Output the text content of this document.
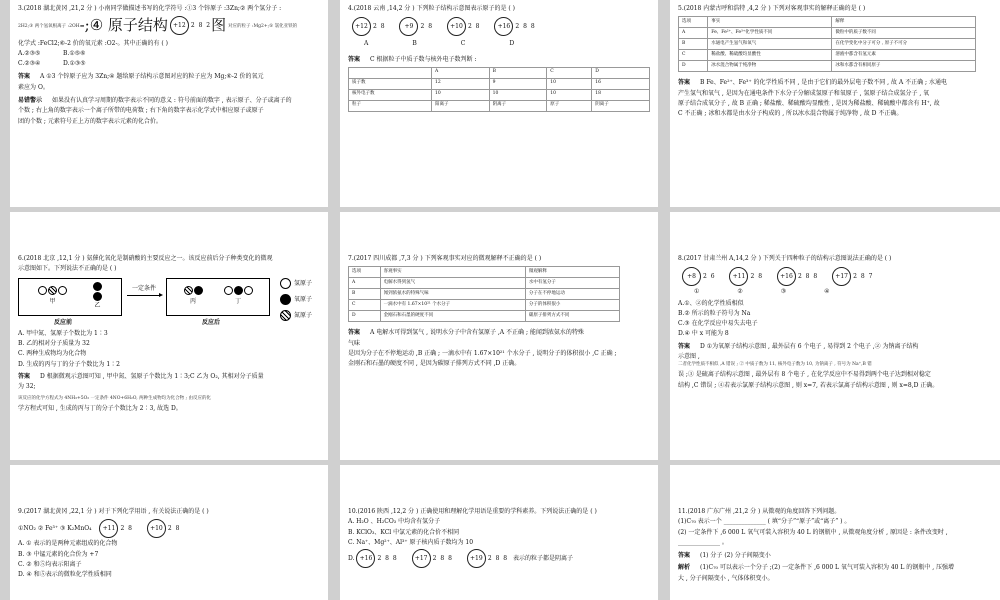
3.(2018 湖北黄冈 ,21,2 分 ) 小南同学做描述书写的化学符号 :①3 个锌原子 :3Zn;② 两个氢分子 :

2H2;③ 两个氢氧根离子 :2OH-;④ 原子结构 +12 2 8 2 图 对应的粒子 :Mg2+;⑤ 氯化亚铁的

化学式 :FeCl2;⑥-2 价的氧元素 :O2-。其中正确的有 ( )

A.②③⑤	B.①⑤⑥

C.②③④	D.①③⑤

答案 A ①3 个锌原子应为 3Zn;④ 题给原子结构示意图对应的粒子应为 Mg;⑥-2 价的氧元

素应为 O。

易错警示 如果没有认真学习周期的数字表示不同的意义 : 符号前面的数字 , 表示原子、分子或离子的

个数 ; 右上角的数字表示一个离子所带的电荷数 ; 右下角的数字表示化学式中相应原子或原子

团的个数 ; 元素符号正上方的数字表示元素的化合价。

4.(2018 云南 ,14,2 分 ) 下列粒子结构示意图表示原子的是 ( )

+12 2 8
	+9	2 8
	+10 2 8
	+16 2 8 8
A	B	C	D

答案 C 根据粒子中质子数与核外电子数判断 :

	A	B	C	D
质子数	12	9	10	16
核外电子数	10	10	10	18
粒子	阳离子	阴离子	原子	阴离子

5.(2018 内蒙古呼和浩特 ,4,2 分 ) 下列对客观事实的解释正确的是 ( )

选项	事实	解释
A	Fe、Fe²⁺、Fe³⁺化学性质不同	微粒中的质子数不同
B	水通电产生氢气和氧气	在化学变化中分子可分 , 原子不可分
C	稀盐酸、稀硫酸均显酸性	溶液中都含有氢元素
D	冰水混合物属于纯净物	冰和水都含有相同原子

答案 B Fe、Fe²⁺、Fe³⁺ 的化学性质不同 , 是由于它们的最外层电子数不同 , 故 A 不正确 ; 水通电

产生氢气和氧气 , 是因为在通电条件下水分子分解成氢原子和氧原子 , 氢原子结合成氢分子 , 氧

原子结合成氧分子 , 故 B 正确 ; 稀盐酸、稀硫酸均显酸性 , 是因为稀盐酸、稀硫酸中都含有 H⁺, 故

C 不正确 ; 冰和水都是由水分子构成的 , 所以冰水混合物属于纯净物 , 故 D 不正确。

6.(2018 北京 ,12,1 分 ) 氨催化氧化是制硝酸的主要反应之一。该反应前后分子种类变化的微观

示意图如下。下列说法不正确的是 ( )

甲
乙
反应前
一定条件
丙	丁
反应后
氢原子
氧原子
氮原子

A. 甲中氮、氢原子个数比为 1∶3

B. 乙的相对分子质量为 32

C. 两种生成物均为化合物

D. 生成的丙与丁的分子个数比为 1∶2

答案 D 根据微观示意图可知 , 甲中氮、氢原子个数比为 1∶3;C 乙为 O₂, 其相对分子质量

为 32;

该反应的化学方程式为 4NH₃+5O₂ 一定条件 4NO+6H₂O, 两种生成物均为化合物 ; 由反应的化

学方程式可知 , 生成的丙与丁的分子个数比为 2∶3, 故选 D。

7.(2017 四川成都 ,7,3 分 ) 下列客观事实对应的微观解释不正确的是 ( )

选项	客观事实	微观解释
A	电解水得到氢气	水中有氢分子
B	闻到浓氨水的特殊气味	分子在不停地运动
C	一滴水中有 1.67×10²¹ 个水分子	分子的体积很小
D	金刚石和石墨的硬度不同	碳原子排列方式不同

答案 A 电解水可得到氢气 , 说明水分子中含有氢原子 ,A 不正确 ; 能闻到浓氨水的特殊

气味

是因为分子在不停地运动 ,B 正确 ; 一滴水中有 1.67×10²¹ 个水分子 , 说明分子的体积很小 ,C 正确 ;

金刚石和石墨的硬度不同 , 是因为碳原子排列方式不同 ,D 正确。

8.(2017 甘肃兰州 A,14,2 分 ) 下列关于四种粒子的结构示意图说法正确的是 ( )

+8	2 6
	+11 2 8
	+16 2 8 8
	+17 2 8 7
①	②	③	④

A.①、②的化学性质相似

B.② 所示的粒子符号为 Na

C.③ 在化学反应中易失去电子

D.④ 中 x 可能为 8

答案 D ①为氧原子结构示意图 , 最外层有 6 个电子 , 易得到 2 个电子 ,② 为钠离子结构

示意图 ,

二者化学性质不相似 ,A 错误 ; ② 中质子数为 11, 核外电子数为 10, 为钠离子 , 符号为 Na⁺,B 错

误 ;③ 是硫离子结构示意图 , 最外层有 8 个电子 , 在化学反应中不易得到两个电子达到相对稳定

结构 ,C 错误 ; ④若表示氯原子结构示意图 , 则 x=7, 若表示氯离子结构示意图 , 则 x=8,D 正确。

9.(2017 湖北黄冈 ,22,1 分 ) 对于下列化学用语 , 有关说法正确的是 ( )

①NO₂ ② Fe³⁺ ③ K₂MnO₄	+11 2 8
	+10 2 8

A. ① 表示的是两种元素组成的化合物

B. ③ 中锰元素的化合价为 +7

C. ② 和⑤均表示阳离子

D. ④ 和⑤表示的微粒化学性质相同

10.(2016 陕西 ,12,2 分 ) 正确使用和理解化学用语是重要的学科素养。下列说法正确的是 ( )

A. H₂O 、H₂CO₃ 中均含有氢分子

B. KClO₃、KCl 中氯元素的化合价不相同

C. Na⁺、Mg²⁺、Al³⁺ 原子核内质子数均为 10

D. +16 2 8 8
	+17 2 8 8
	+19 2 8 8 表示的粒子都是阴离子

11.(2018 广东广州 ,21,2 分 ) 从微观的角度回答下列问题。

(1)C₇₀ 表示一个 ______________ ( 填“分子”“原子”或“离子” ) 。

(2) 一定条件下 ,6 000 L 氧气可装入容积为 40 L 的钢瓶中 , 从微观角度分析 , 原因是 : 条件改变时 ,

______________ 。

答案 (1) 分子 (2) 分子间隔变小

解析 (1)C₇₀ 可以表示一个分子 ;(2) 一定条件下 ,6 000 L 氧气可装入容积为 40 L 的钢瓶中 , 压强增

大 , 分子间隔变小 , 气体体积变小。
